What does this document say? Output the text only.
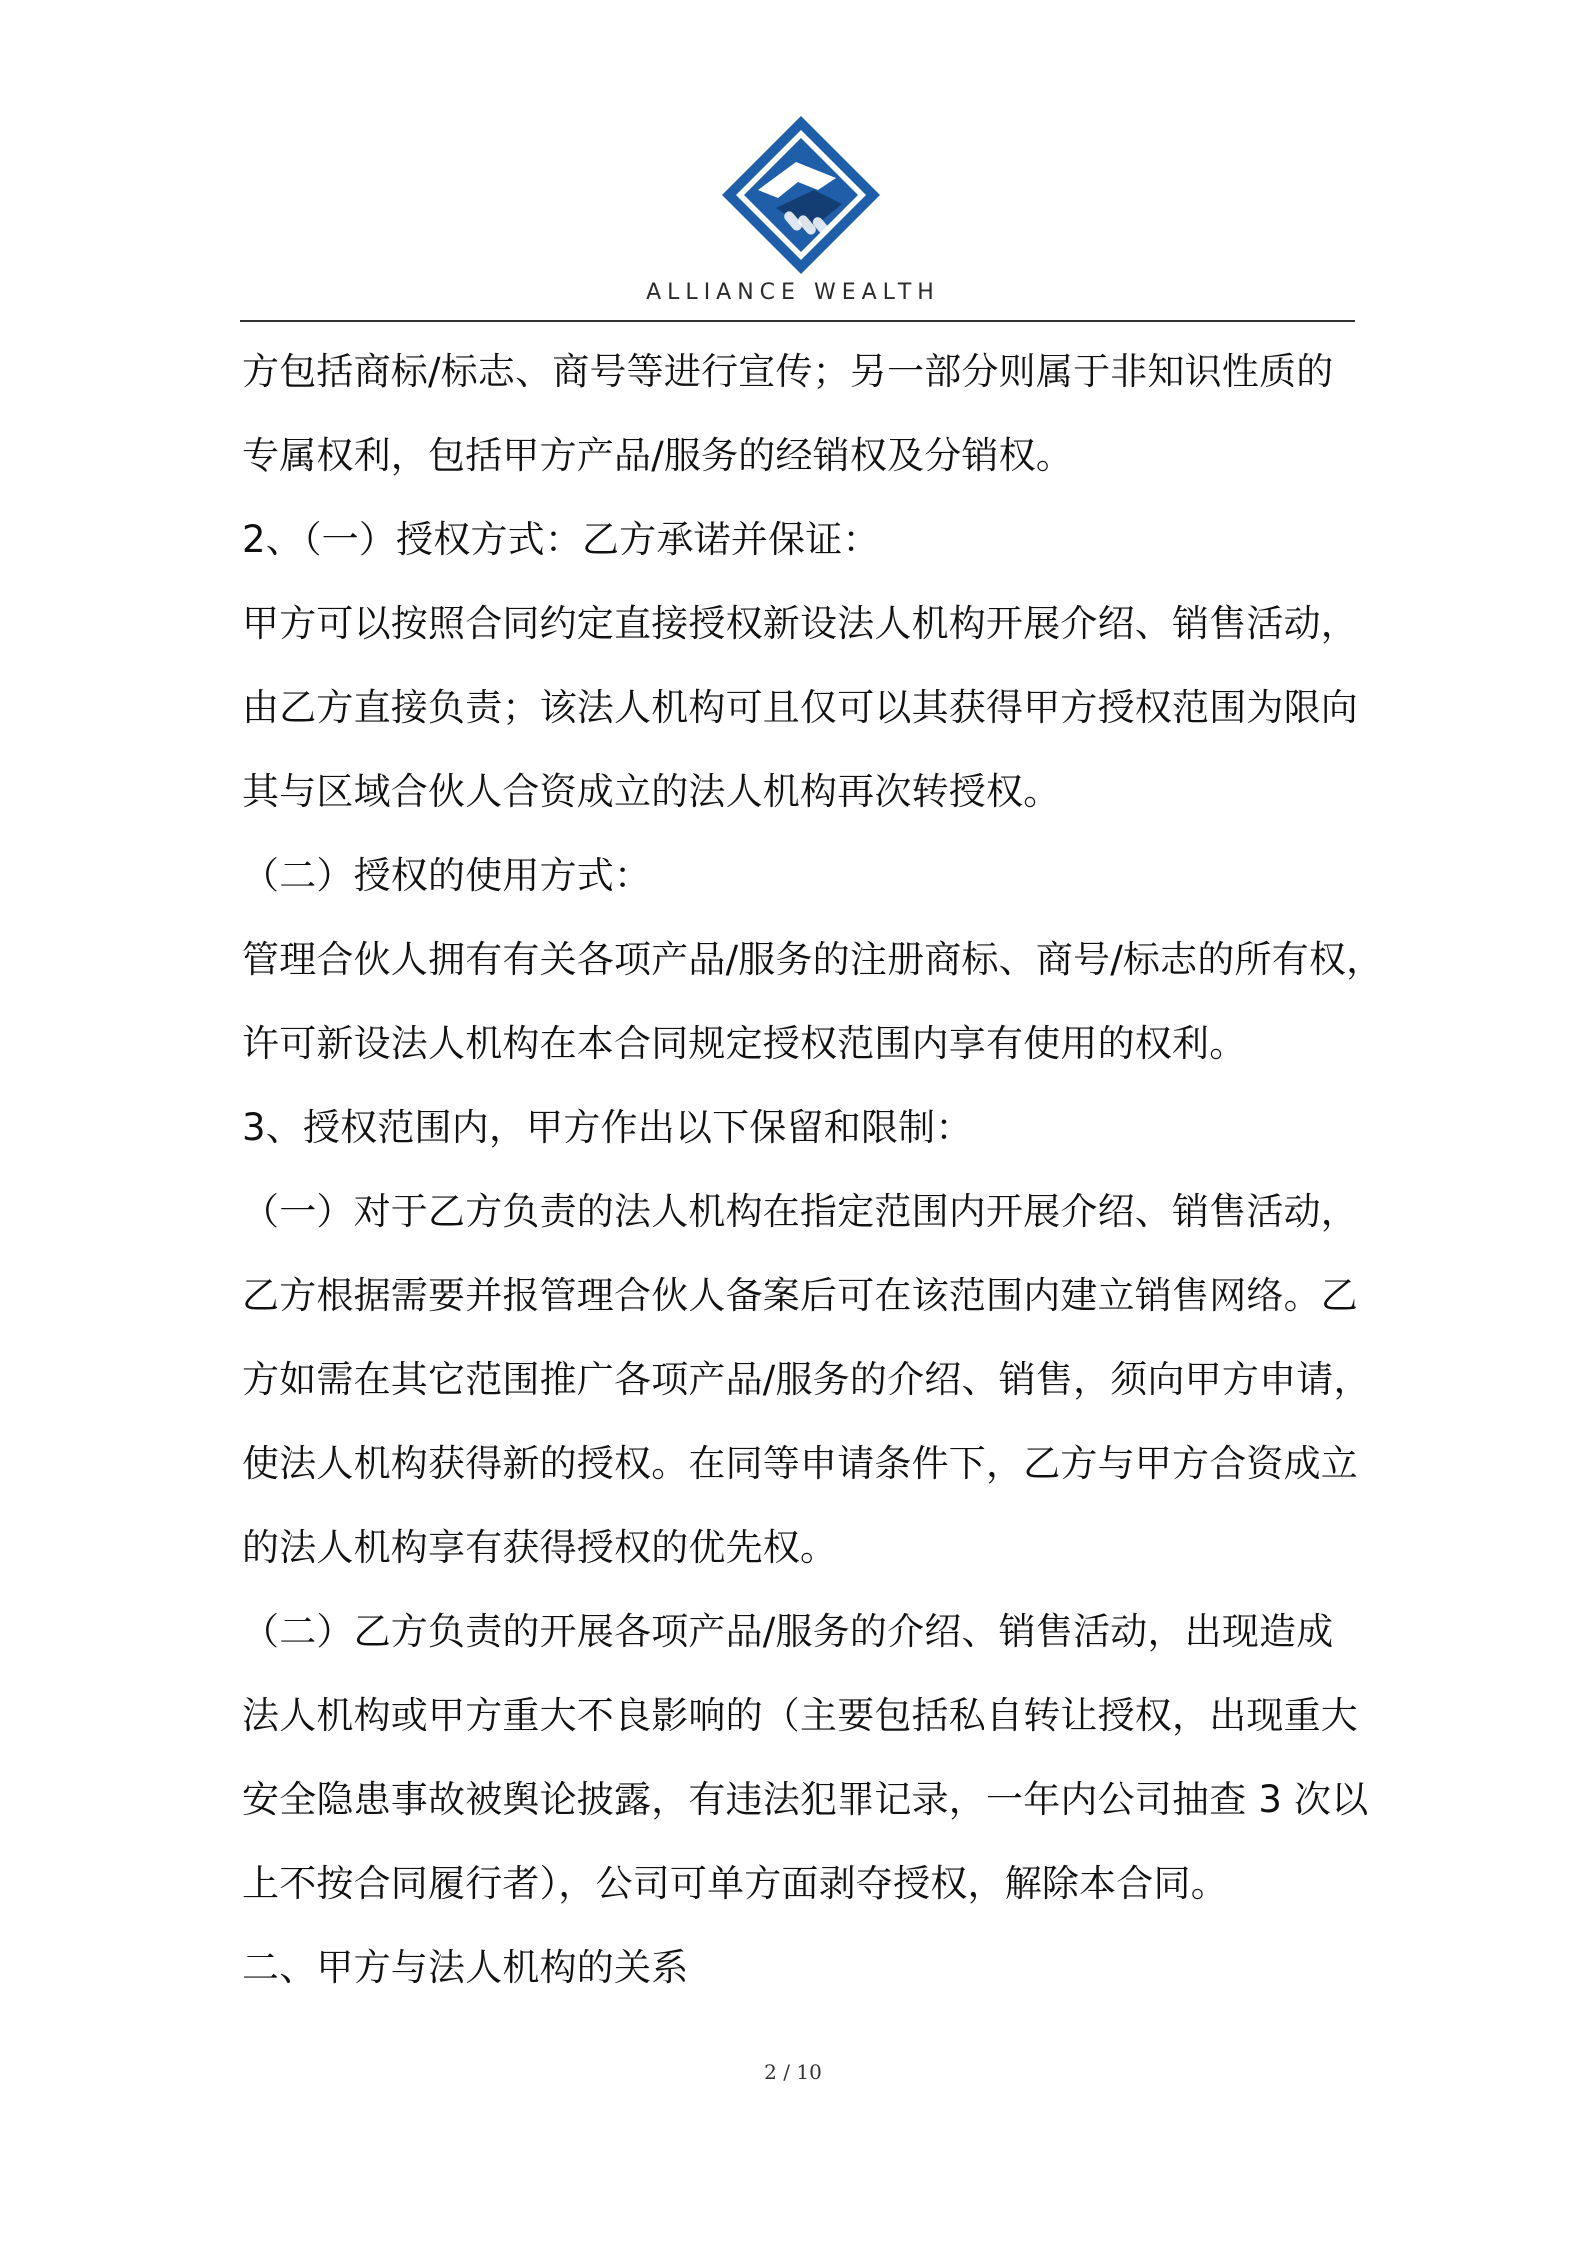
ALLIANCE WEALTH

方包括商标/标志、商号等进行宣传；另一部分则属于非知识性质的

专属权利，包括甲方产品/服务的经销权及分销权。

2、（一）授权方式：乙方承诺并保证：

甲方可以按照合同约定直接授权新设法人机构开展介绍、销售活动，

由乙方直接负责；该法人机构可且仅可以其获得甲方授权范围为限向

其与区域合伙人合资成立的法人机构再次转授权。

（二）授权的使用方式：

管理合伙人拥有有关各项产品/服务的注册商标、商号/标志的所有权，

许可新设法人机构在本合同规定授权范围内享有使用的权利。

3、授权范围内，甲方作出以下保留和限制：

（一）对于乙方负责的法人机构在指定范围内开展介绍、销售活动，

乙方根据需要并报管理合伙人备案后可在该范围内建立销售网络。乙

方如需在其它范围推广各项产品/服务的介绍、销售，须向甲方申请，

使法人机构获得新的授权。在同等申请条件下，乙方与甲方合资成立

的法人机构享有获得授权的优先权。

（二）乙方负责的开展各项产品/服务的介绍、销售活动，出现造成

法人机构或甲方重大不良影响的（主要包括私自转让授权，出现重大

安全隐患事故被舆论披露，有违法犯罪记录，一年内公司抽查 3 次以

上不按合同履行者），公司可单方面剥夺授权，解除本合同。

二、甲方与法人机构的关系

2 / 10
